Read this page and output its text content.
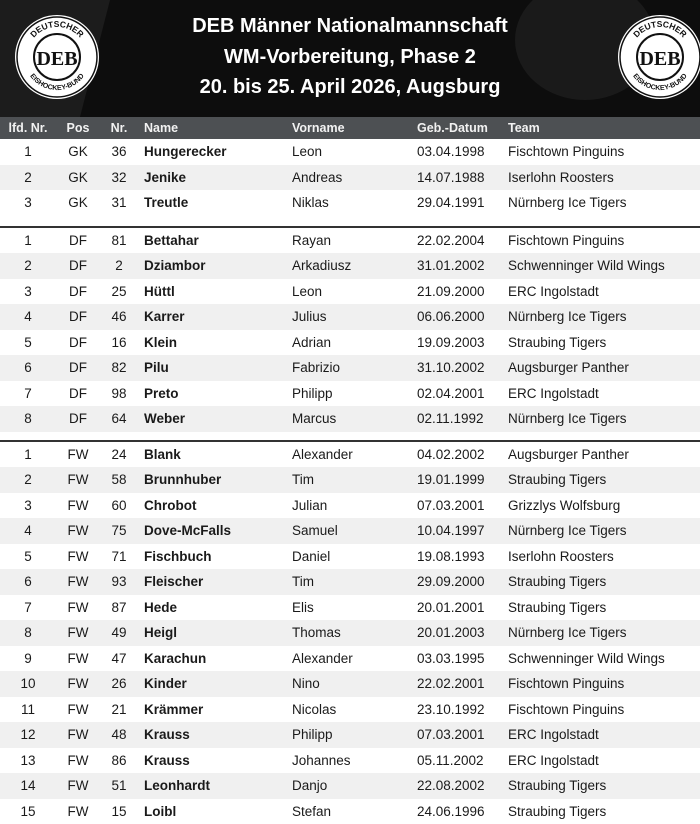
DEUTSCHER
EISHOCKEY-BUND
DEB
DEUTSCHER
EISHOCKEY-BUND
DEB
DEB Männer Nationalmannschaft
WM-Vorbereitung, Phase 2
20. bis 25. April 2026, Augsburg
lfd. Nr.	Pos	Nr.	Name	Vorname	Geb.-Datum Team
1	GK	36	Hungerecker	Leon	03.04.1998 Fischtown Pinguins
2	GK	32	Jenike	Andreas	14.07.1988 Iserlohn Roosters
3	GK	31	Treutle	Niklas	29.04.1991 Nürnberg Ice Tigers
1	DF	81	Bettahar	Rayan	22.02.2004 Fischtown Pinguins
2	DF	2	Dziambor	Arkadiusz	31.01.2002 Schwenninger Wild Wings
3	DF	25	Hüttl	Leon	21.09.2000 ERC Ingolstadt
4	DF	46	Karrer	Julius	06.06.2000 Nürnberg Ice Tigers
5	DF	16	Klein	Adrian	19.09.2003 Straubing Tigers
6	DF	82	Pilu	Fabrizio	31.10.2002 Augsburger Panther
7	DF	98	Preto	Philipp	02.04.2001 ERC Ingolstadt
8	DF	64	Weber	Marcus	02.11.1992 Nürnberg Ice Tigers
1	FW	24	Blank	Alexander	04.02.2002 Augsburger Panther
2	FW	58	Brunnhuber	Tim	19.01.1999 Straubing Tigers
3	FW	60	Chrobot	Julian	07.03.2001 Grizzlys Wolfsburg
4	FW	75	Dove-McFalls	Samuel	10.04.1997 Nürnberg Ice Tigers
5	FW	71	Fischbuch	Daniel	19.08.1993 Iserlohn Roosters
6	FW	93	Fleischer	Tim	29.09.2000 Straubing Tigers
7	FW	87	Hede	Elis	20.01.2001 Straubing Tigers
8	FW	49	Heigl	Thomas	20.01.2003 Nürnberg Ice Tigers
9	FW	47	Karachun	Alexander	03.03.1995 Schwenninger Wild Wings
10	FW	26	Kinder	Nino	22.02.2001 Fischtown Pinguins
11	FW	21	Krämmer	Nicolas	23.10.1992 Fischtown Pinguins
12	FW	48	Krauss	Philipp	07.03.2001 ERC Ingolstadt
13	FW	86	Krauss	Johannes	05.11.2002 ERC Ingolstadt
14	FW	51	Leonhardt	Danjo	22.08.2002 Straubing Tigers
15	FW	15	Loibl	Stefan	24.06.1996 Straubing Tigers
